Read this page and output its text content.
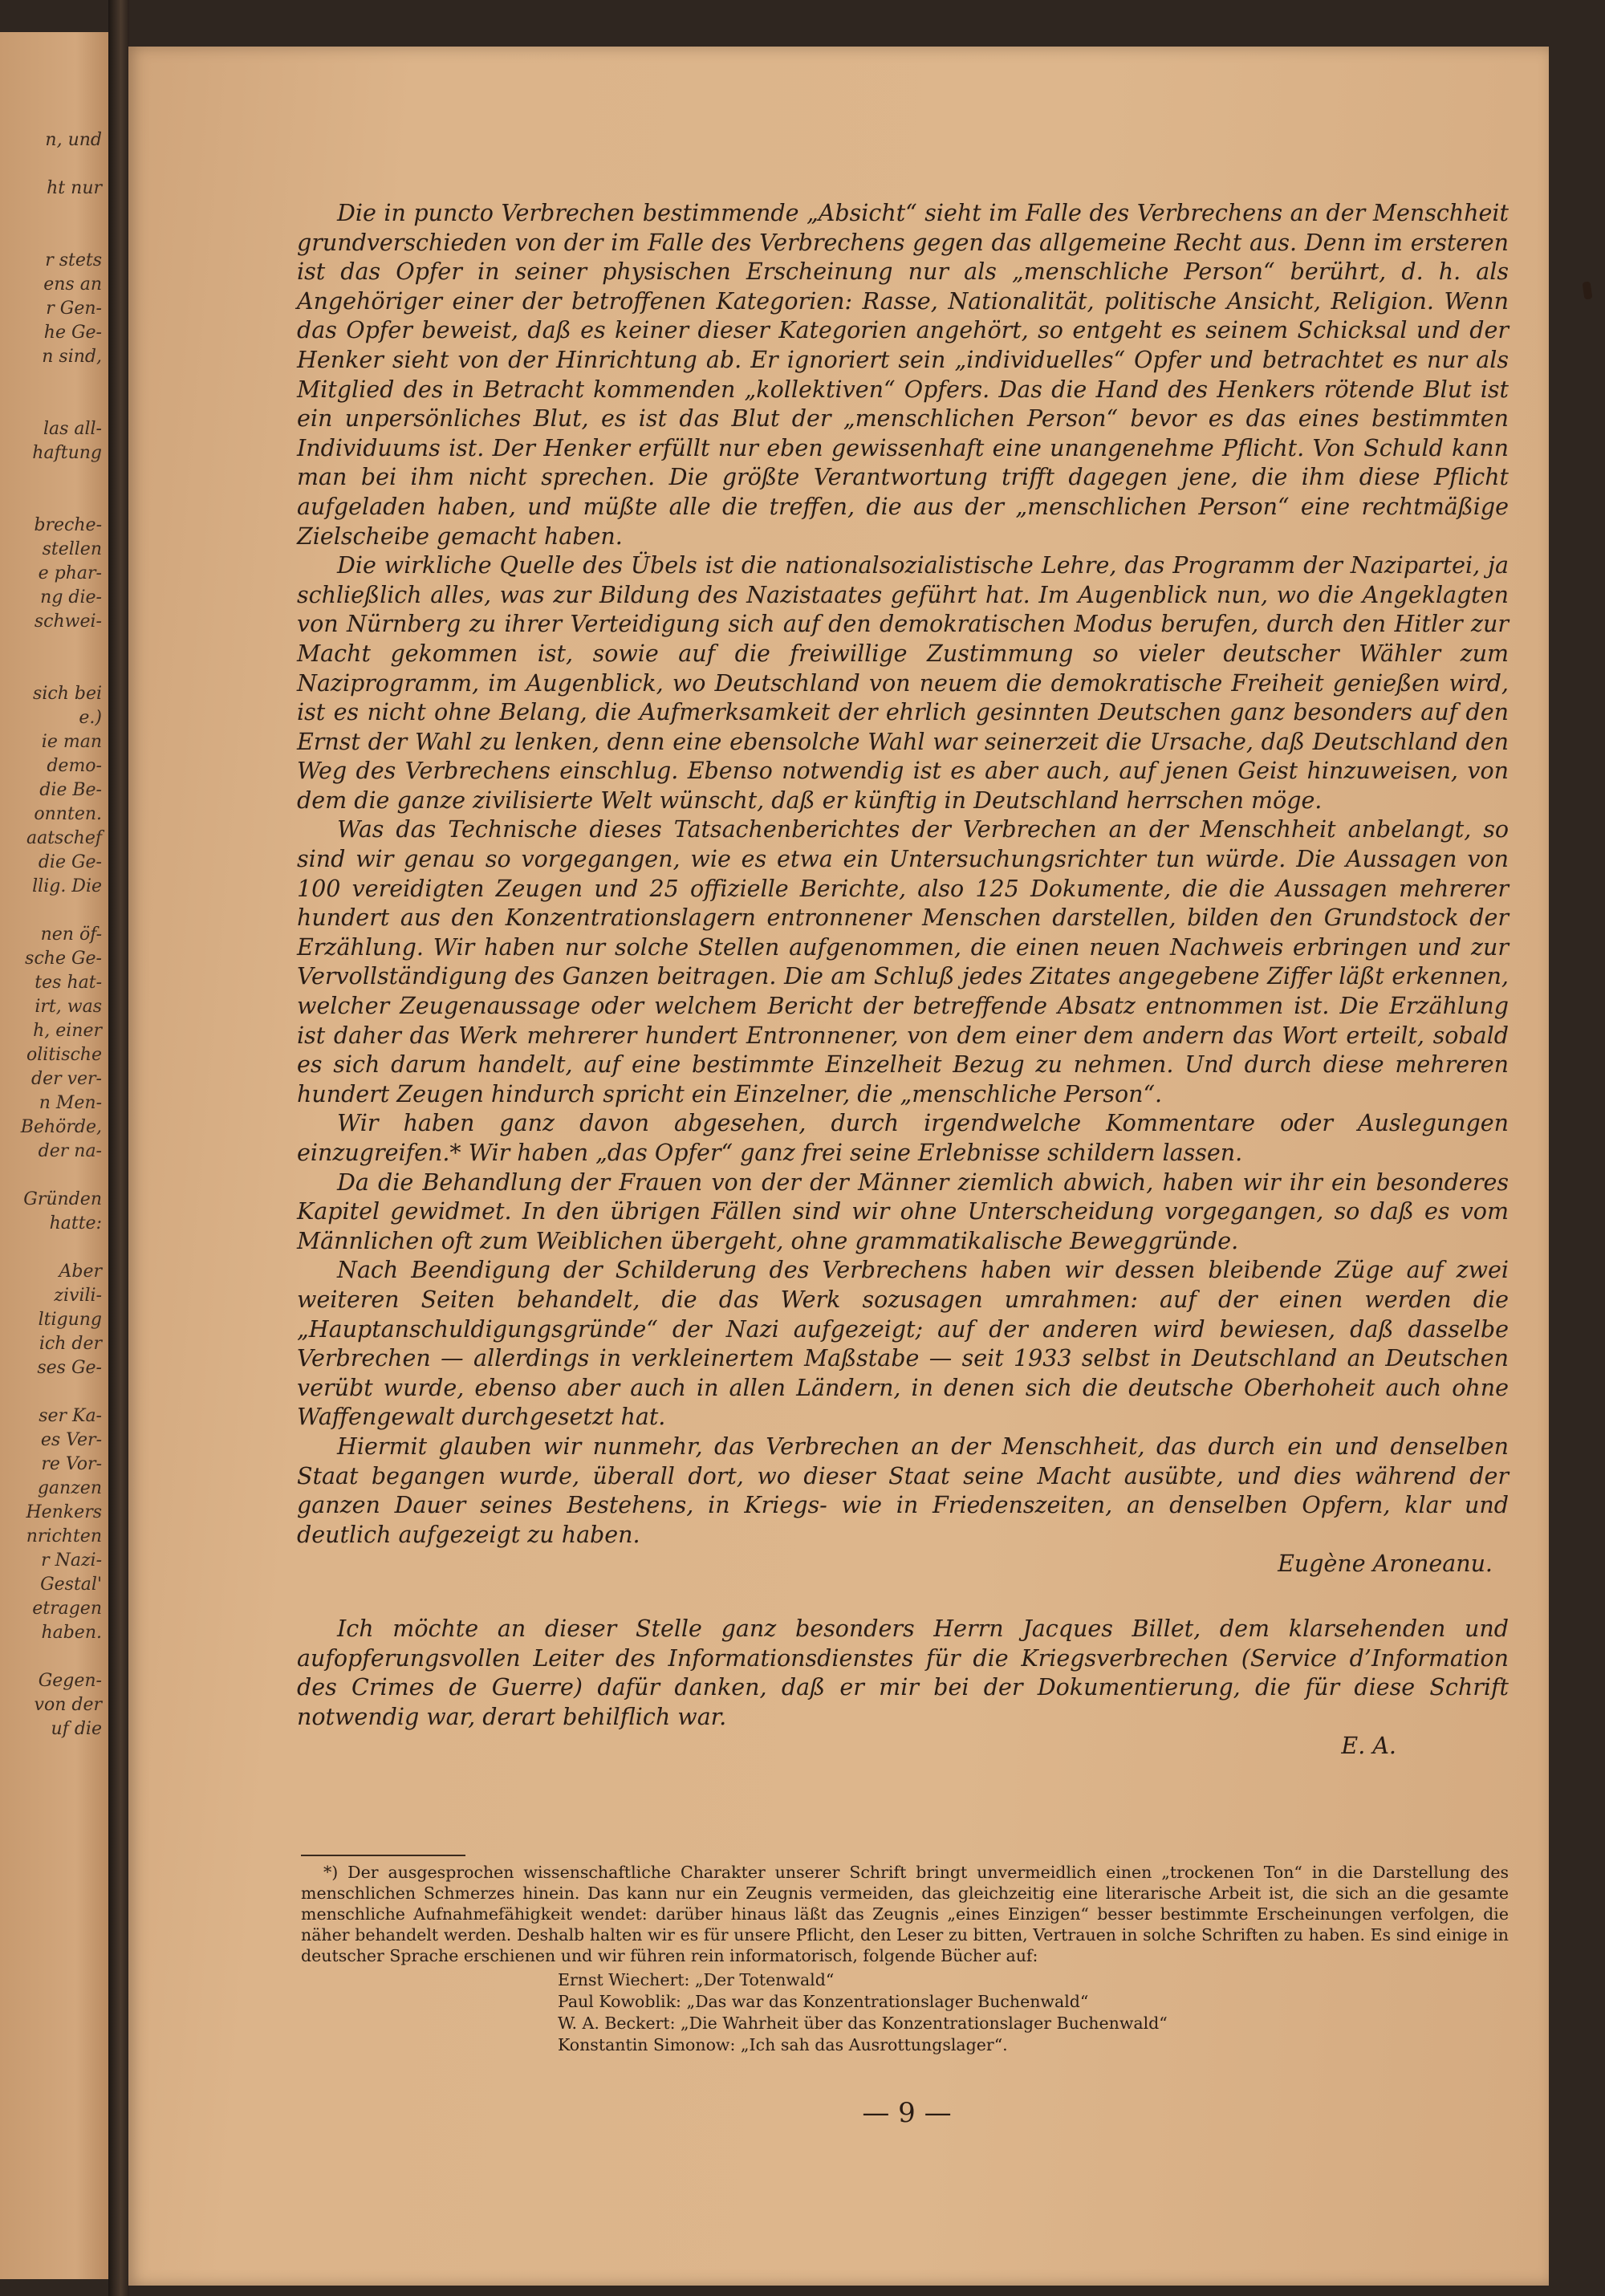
n, und

ht nur

r stets
ens an
r Gen-
he Ge-
n sind,

las all-
haftung

breche-
stellen
e phar-
ng die-
schwei-

sich bei
e.)
ie man
demo-
die Be-
onnten.
aatschef
die Ge-
llig. Die

nen öf-
sche Ge-
tes hat-
irt, was
h, einer
olitische
der ver-
n Men-
Behörde,
der na-

Gründen
hatte:

Aber
zivili-
ltigung
ich der
ses Ge-

ser Ka-
es Ver-
re Vor-
ganzen
Henkers
nrichten
r Nazi-
Gestal'
etragen
haben.

Gegen-
von der
uf die

Die in puncto Verbrechen bestimmende „Absicht“ sieht im Falle des Verbrechens an der Menschheit grundverschieden von der im Falle des Verbrechens gegen das allgemeine Recht aus. Denn im ersteren ist das Opfer in seiner physischen Erscheinung nur als „menschliche Person“ berührt, d. h. als Angehöriger einer der betroffenen Kategorien: Rasse, Nationalität, politische Ansicht, Religion. Wenn das Opfer beweist, daß es keiner dieser Kategorien angehört, so entgeht es seinem Schicksal und der Henker sieht von der Hinrichtung ab. Er ignoriert sein „individuelles“ Opfer und betrachtet es nur als Mitglied des in Betracht kommenden „kollektiven“ Opfers. Das die Hand des Henkers rötende Blut ist ein unpersönliches Blut, es ist das Blut der „menschlichen Person“ bevor es das eines bestimmten Individuums ist. Der Henker erfüllt nur eben gewissenhaft eine unangenehme Pflicht. Von Schuld kann man bei ihm nicht sprechen. Die größte Verantwortung trifft dagegen jene, die ihm diese Pflicht aufgeladen haben, und müßte alle die treffen, die aus der „menschlichen Person“ eine rechtmäßige Zielscheibe gemacht haben.

Die wirkliche Quelle des Übels ist die nationalsozialistische Lehre, das Programm der Nazipartei, ja schließlich alles, was zur Bildung des Nazistaates geführt hat. Im Augenblick nun, wo die Angeklagten von Nürnberg zu ihrer Verteidigung sich auf den demokratischen Modus berufen, durch den Hitler zur Macht gekommen ist, sowie auf die freiwillige Zustimmung so vieler deutscher Wähler zum Naziprogramm, im Augenblick, wo Deutschland von neuem die demokratische Freiheit genießen wird, ist es nicht ohne Belang, die Aufmerksamkeit der ehrlich gesinnten Deutschen ganz besonders auf den Ernst der Wahl zu lenken, denn eine ebensolche Wahl war seinerzeit die Ursache, daß Deutschland den Weg des Verbrechens einschlug. Ebenso notwendig ist es aber auch, auf jenen Geist hinzuweisen, von dem die ganze zivilisierte Welt wünscht, daß er künftig in Deutschland herrschen möge.

Was das Technische dieses Tatsachenberichtes der Verbrechen an der Menschheit anbelangt, so sind wir genau so vorgegangen, wie es etwa ein Untersuchungsrichter tun würde. Die Aussagen von 100 vereidigten Zeugen und 25 offizielle Berichte, also 125 Dokumente, die die Aussagen mehrerer hundert aus den Konzentrationslagern entronnener Menschen darstellen, bilden den Grundstock der Erzählung. Wir haben nur solche Stellen aufgenommen, die einen neuen Nachweis erbringen und zur Vervollständigung des Ganzen beitragen. Die am Schluß jedes Zitates angegebene Ziffer läßt erkennen, welcher Zeugenaussage oder welchem Bericht der betreffende Absatz entnommen ist. Die Erzählung ist daher das Werk mehrerer hundert Entronnener, von dem einer dem andern das Wort erteilt, sobald es sich darum handelt, auf eine bestimmte Einzelheit Bezug zu nehmen. Und durch diese mehreren hundert Zeugen hindurch spricht ein Einzelner, die „menschliche Person“.

Wir haben ganz davon abgesehen, durch irgendwelche Kommentare oder Auslegungen einzugreifen.* Wir haben „das Opfer“ ganz frei seine Erlebnisse schildern lassen.

Da die Behandlung der Frauen von der der Männer ziemlich abwich, haben wir ihr ein besonderes Kapitel gewidmet. In den übrigen Fällen sind wir ohne Unterscheidung vorgegangen, so daß es vom Männlichen oft zum Weiblichen übergeht, ohne grammatikalische Beweggründe.

Nach Beendigung der Schilderung des Verbrechens haben wir dessen bleibende Züge auf zwei weiteren Seiten behandelt, die das Werk sozusagen umrahmen: auf der einen werden die „Hauptanschuldigungsgründe“ der Nazi aufgezeigt; auf der anderen wird bewiesen, daß dasselbe Verbrechen — allerdings in verkleinertem Maßstabe — seit 1933 selbst in Deutschland an Deutschen verübt wurde, ebenso aber auch in allen Ländern, in denen sich die deutsche Oberhoheit auch ohne Waffengewalt durchgesetzt hat.

Hiermit glauben wir nunmehr, das Verbrechen an der Menschheit, das durch ein und denselben Staat begangen wurde, überall dort, wo dieser Staat seine Macht ausübte, und dies während der ganzen Dauer seines Bestehens, in Kriegs- wie in Friedenszeiten, an denselben Opfern, klar und deutlich aufgezeigt zu haben.

Eugène Aroneanu.

Ich möchte an dieser Stelle ganz besonders Herrn Jacques Billet, dem klarsehenden und aufopferungsvollen Leiter des Informationsdienstes für die Kriegsverbrechen (Service d’Information des Crimes de Guerre) dafür danken, daß er mir bei der Dokumentierung, die für diese Schrift notwendig war, derart behilflich war.

E. A.

*) Der ausgesprochen wissenschaftliche Charakter unserer Schrift bringt unvermeidlich einen „trockenen Ton“ in die Darstellung des menschlichen Schmerzes hinein. Das kann nur ein Zeugnis vermeiden, das gleichzeitig eine literarische Arbeit ist, die sich an die gesamte menschliche Aufnahmefähigkeit wendet: darüber hinaus läßt das Zeugnis „eines Einzigen“ besser bestimmte Erscheinungen verfolgen, die näher behandelt werden. Deshalb halten wir es für unsere Pflicht, den Leser zu bitten, Vertrauen in solche Schriften zu haben. Es sind einige in deutscher Sprache erschienen und wir führen rein informatorisch, folgende Bücher auf:

Ernst Wiechert: „Der Totenwald“
Paul Kowoblik: „Das war das Konzentrationslager Buchenwald“
W. A. Beckert: „Die Wahrheit über das Konzentrationslager Buchenwald“
Konstantin Simonow: „Ich sah das Ausrottungslager“.
— 9 —
